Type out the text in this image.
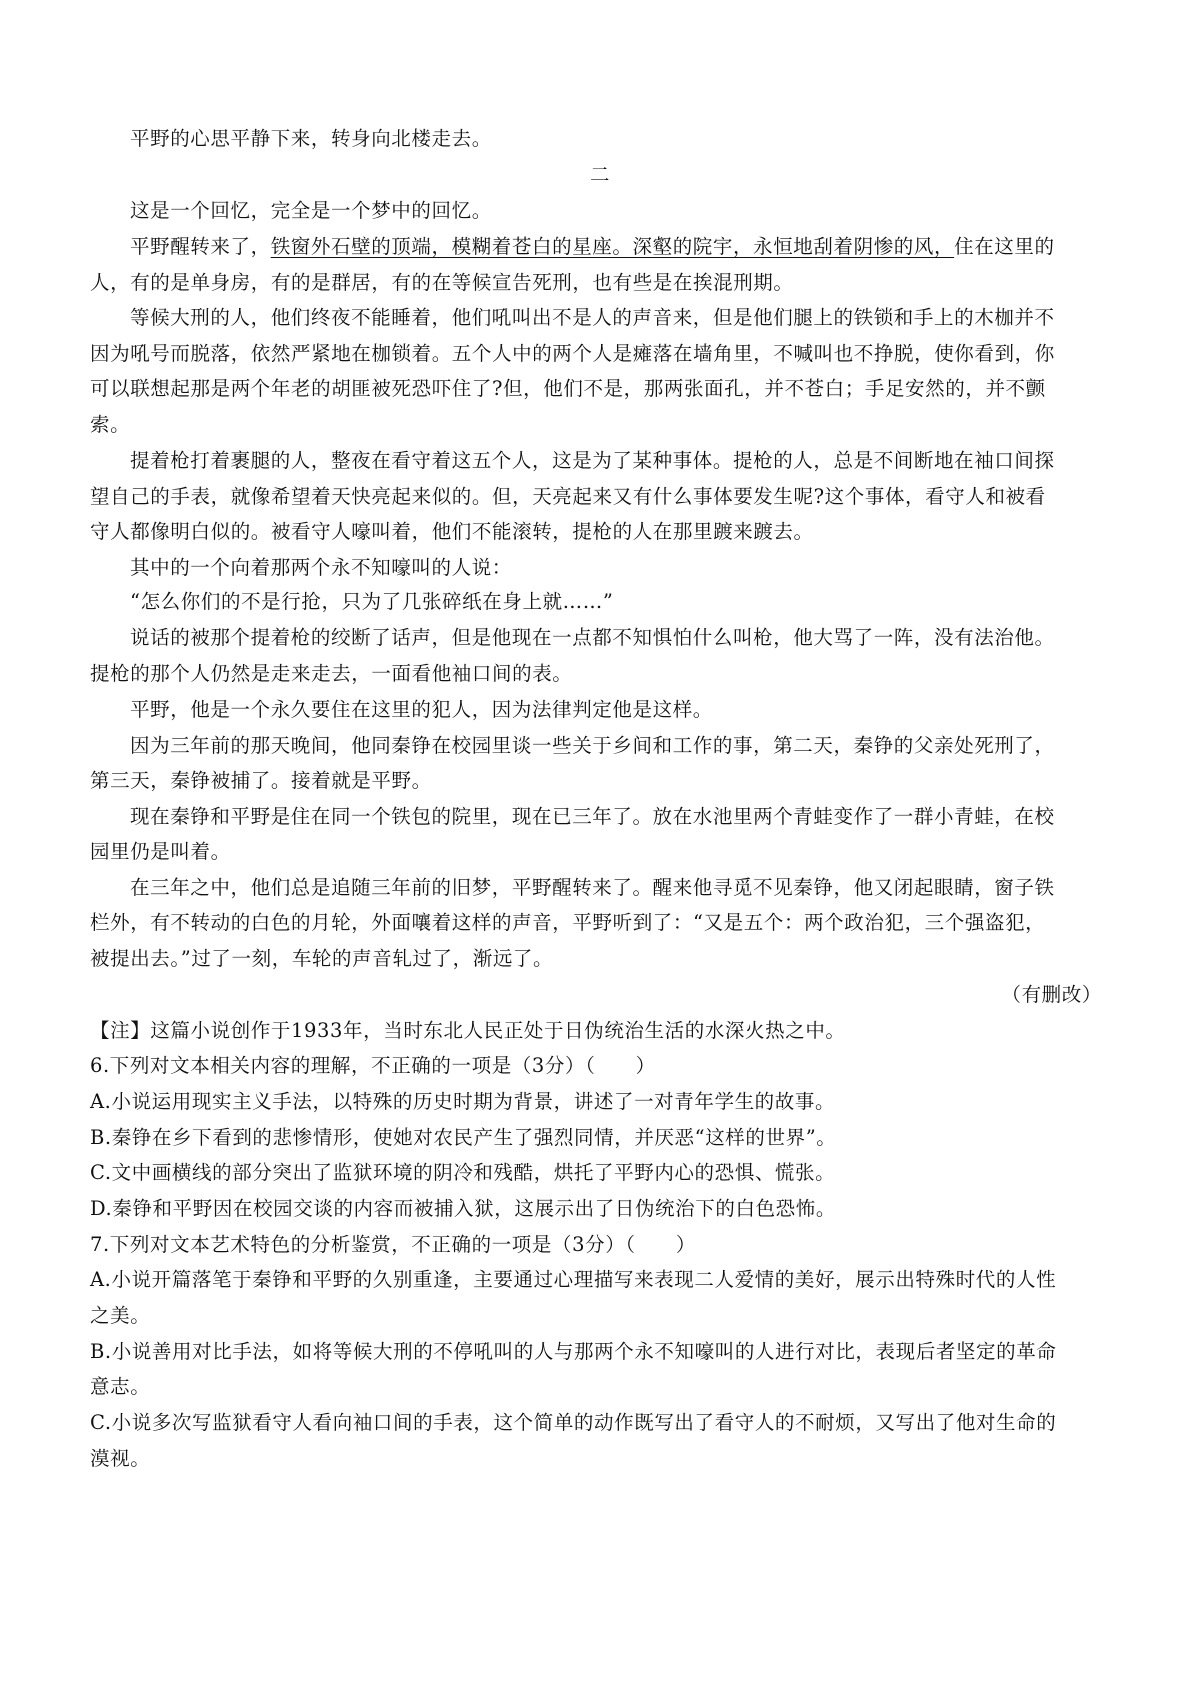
平野的心思平静下来，转身向北楼走去。
二
这是一个回忆，完全是一个梦中的回忆。
平野醒转来了，铁窗外石壁的顶端，模糊着苍白的星座。深壑的院宇，永恒地刮着阴惨的风，住在这里的
人，有的是单身房，有的是群居，有的在等候宣告死刑，也有些是在挨混刑期。
等候大刑的人，他们终夜不能睡着，他们吼叫出不是人的声音来，但是他们腿上的铁锁和手上的木枷并不
因为吼号而脱落，依然严紧地在枷锁着。五个人中的两个人是瘫落在墙角里，不喊叫也不挣脱，使你看到，你
可以联想起那是两个年老的胡匪被死恐吓住了?但，他们不是，那两张面孔，并不苍白；手足安然的，并不颤
索。
提着枪打着裹腿的人，整夜在看守着这五个人，这是为了某种事体。提枪的人，总是不间断地在袖口间探
望自己的手表，就像希望着天快亮起来似的。但，天亮起来又有什么事体要发生呢?这个事体，看守人和被看
守人都像明白似的。被看守人嚎叫着，他们不能滚转，提枪的人在那里踱来踱去。
其中的一个向着那两个永不知嚎叫的人说：
“怎么你们的不是行抢，只为了几张碎纸在身上就……”
说话的被那个提着枪的绞断了话声，但是他现在一点都不知惧怕什么叫枪，他大骂了一阵，没有法治他。
提枪的那个人仍然是走来走去，一面看他袖口间的表。
平野，他是一个永久要住在这里的犯人，因为法律判定他是这样。
因为三年前的那天晚间，他同秦铮在校园里谈一些关于乡间和工作的事，第二天，秦铮的父亲处死刑了，
第三天，秦铮被捕了。接着就是平野。
现在秦铮和平野是住在同一个铁包的院里，现在已三年了。放在水池里两个青蛙变作了一群小青蛙，在校
园里仍是叫着。
在三年之中，他们总是追随三年前的旧梦，平野醒转来了。醒来他寻觅不见秦铮，他又闭起眼睛，窗子铁
栏外，有不转动的白色的月轮，外面嚷着这样的声音，平野听到了：“又是五个：两个政治犯，三个强盗犯，
被提出去。”过了一刻，车轮的声音轧过了，渐远了。
（有删改）
【注】这篇小说创作于1933年，当时东北人民正处于日伪统治生活的水深火热之中。
6.下列对文本相关内容的理解，不正确的一项是（3分）（　　）
A.小说运用现实主义手法，以特殊的历史时期为背景，讲述了一对青年学生的故事。
B.秦铮在乡下看到的悲惨情形，使她对农民产生了强烈同情，并厌恶“这样的世界”。
C.文中画横线的部分突出了监狱环境的阴冷和残酷，烘托了平野内心的恐惧、慌张。
D.秦铮和平野因在校园交谈的内容而被捕入狱，这展示出了日伪统治下的白色恐怖。
7.下列对文本艺术特色的分析鉴赏，不正确的一项是（3分）（　　）
A.小说开篇落笔于秦铮和平野的久别重逢，主要通过心理描写来表现二人爱情的美好，展示出特殊时代的人性
之美。
B.小说善用对比手法，如将等候大刑的不停吼叫的人与那两个永不知嚎叫的人进行对比，表现后者坚定的革命
意志。
C.小说多次写监狱看守人看向袖口间的手表，这个简单的动作既写出了看守人的不耐烦，又写出了他对生命的
漠视。
